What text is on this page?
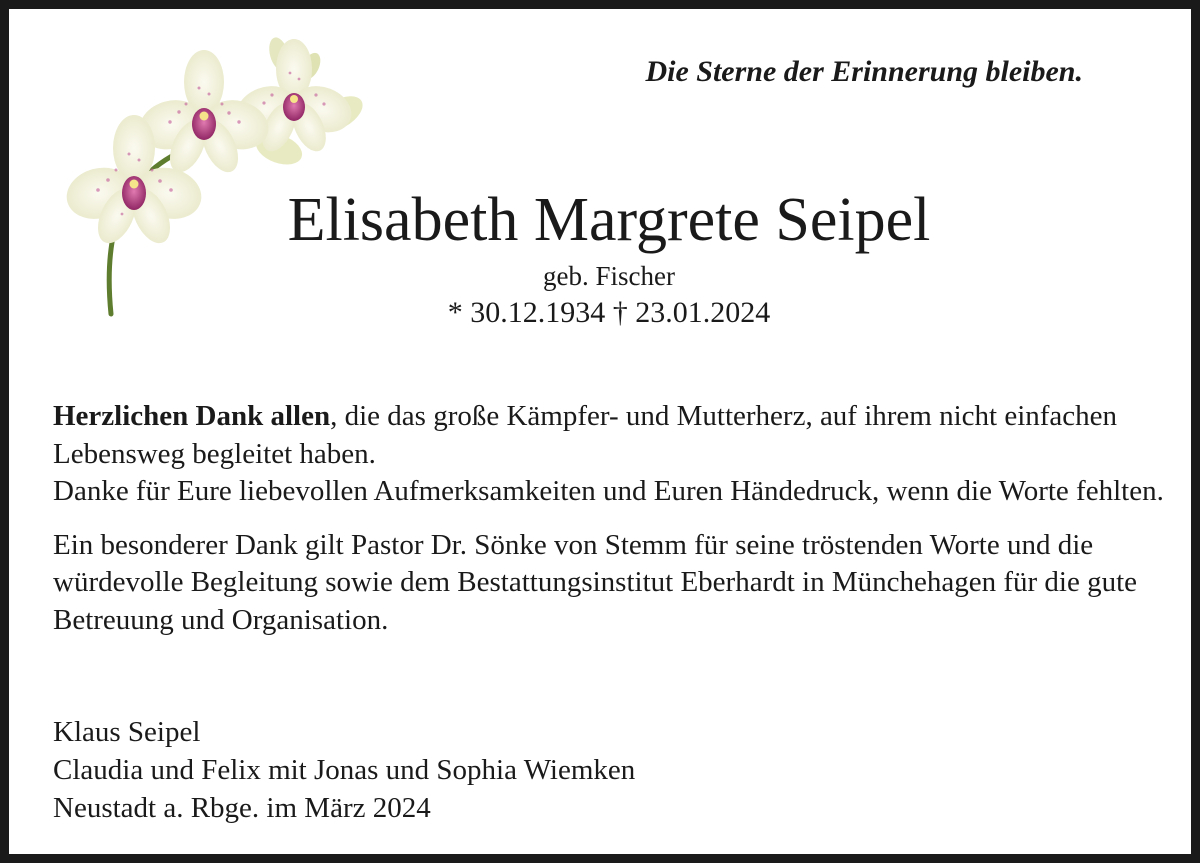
Die Sterne der Erinnerung bleiben.
Elisabeth Margrete Seipel
geb. Fischer
* 30.12.1934 † 23.01.2024

Herzlichen Dank allen, die das große Kämpfer- und Mutterherz, auf ihrem nicht einfachen Lebensweg begleitet haben.
Danke für Eure liebevollen Aufmerksamkeiten und Euren Händedruck, wenn die Worte fehlten.

Ein besonderer Dank gilt Pastor Dr. Sönke von Stemm für seine tröstenden Worte und die würdevolle Begleitung sowie dem Bestattungsinstitut Eberhardt in Münchehagen für die gute Betreuung und Organisation.

Klaus Seipel
Claudia und Felix mit Jonas und Sophia Wiemken
Neustadt a. Rbge. im März 2024
